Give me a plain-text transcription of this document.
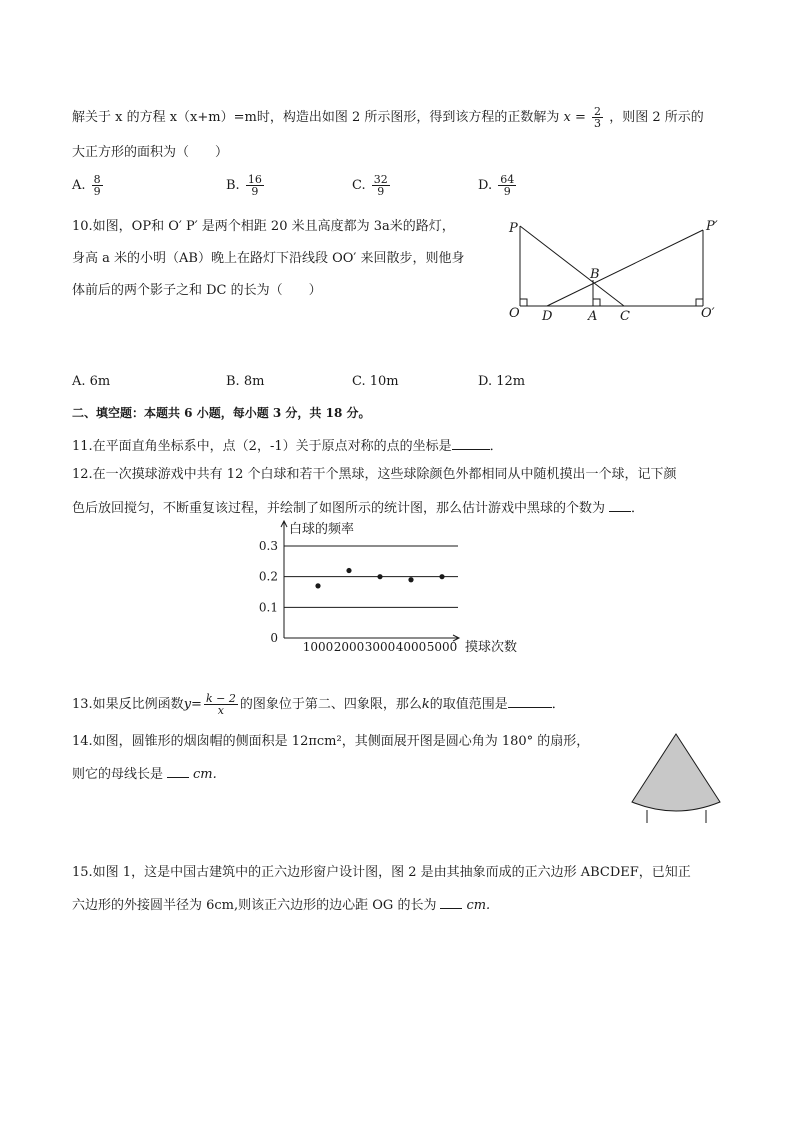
解关于 x 的方程 x（x+m）=m时，构造出如图 2 所示图形，得到该方程的正数解为 $x = \frac{2}{3}$ ，则图 2 所示的
大正方形的面积为（　　）
A. $\frac{8}{9}$	B. $\frac{16}{9}$	C. $\frac{32}{9}$	D. $\frac{64}{9}$
10.如图，OP和 O′ P′ 是两个相距 20 米且高度都为 3a米的路灯，
身高 a 米的小明（AB）晚上在路灯下沿线段 OO′ 来回散步，则他身
体前后的两个影子之和 DC 的长为（　　）
P	P′
B
O D	A C	O′
A. 6m	B. 8m	C. 10m	D. 12m
二、填空题：本题共 6 小题，每小题 3 分，共 18 分。
11.在平面直角坐标系中，点（2，-1）关于原点对称的点的坐标是	．
12.在一次摸球游戏中共有 12 个白球和若干个黑球，这些球除颜色外都相同从中随机摸出一个球，记下颜
色后放回搅匀，不断重复该过程，并绘制了如图所示的统计图，那么估计游戏中黑球的个数为 ．
白球的频率
摸球次数
0
0.1
0.2
0.3
1000 2000 3000 4000 5000
13.如果反比例函数$y= \frac{k - 2}{x}$ 的图象位于第二、四象限，那么k的取值范围是	．
14.如图，圆锥形的烟囱帽的侧面积是 12πcm²，其侧面展开图是圆心角为 180° 的扇形，
则它的母线长是 cm.
15.如图 1，这是中国古建筑中的正六边形窗户设计图，图 2 是由其抽象而成的正六边形 ABCDEF，已知正
六边形的外接圆半径为 6cm,则该正六边形的边心距 OG 的长为 cm.
